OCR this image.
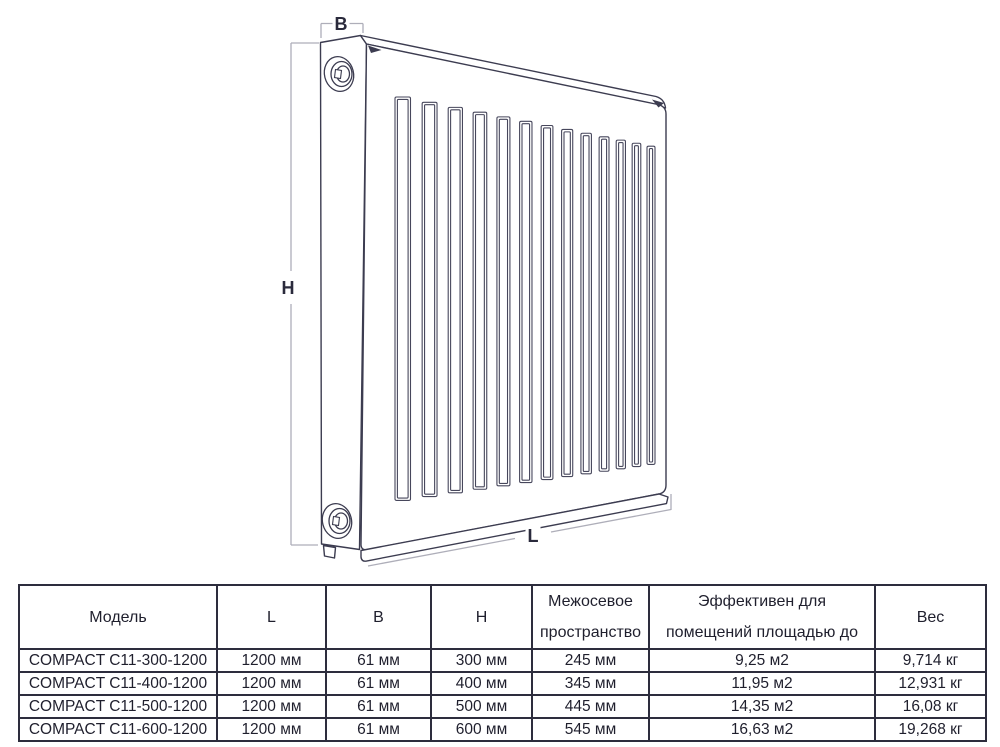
B
H
L
Модель	L	B	H	Межосевое пространство	Эффективен для помещений площадью до	Вес
COMPACT C11-300-1200	1200 мм	61 мм	300 мм	245 мм	9,25 м2	9,714 кг
COMPACT C11-400-1200	1200 мм	61 мм	400 мм	345 мм	11,95 м2	12,931 кг
COMPACT C11-500-1200	1200 мм	61 мм	500 мм	445 мм	14,35 м2	16,08 кг
COMPACT C11-600-1200	1200 мм	61 мм	600 мм	545 мм	16,63 м2	19,268 кг
